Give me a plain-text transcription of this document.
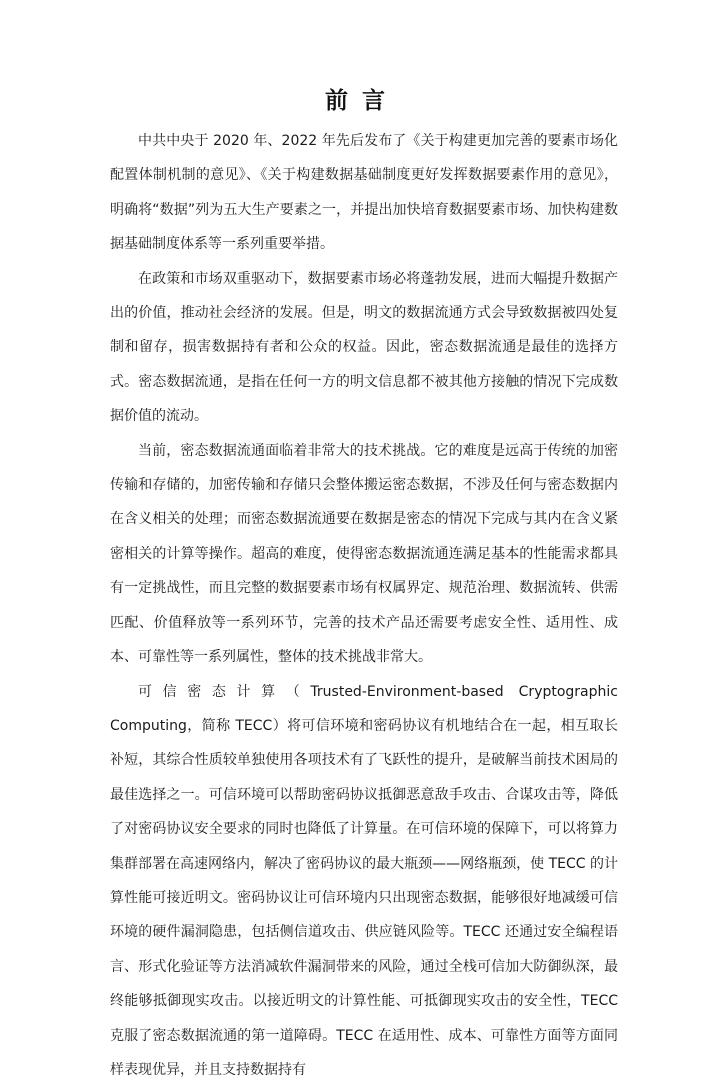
前言

中共中央于 2020 年、2022 年先后发布了《关于构建更加完善的要素市场化配置体制机制的意见》、《关于构建数据基础制度更好发挥数据要素作用的意见》，明确将“数据”列为五大生产要素之一，并提出加快培育数据要素市场、加快构建数据基础制度体系等一系列重要举措。

在政策和市场双重驱动下，数据要素市场必将蓬勃发展，进而大幅提升数据产出的价值，推动社会经济的发展。但是，明文的数据流通方式会导致数据被四处复制和留存，损害数据持有者和公众的权益。因此，密态数据流通是最佳的选择方式。密态数据流通，是指在任何一方的明文信息都不被其他方接触的情况下完成数据价值的流动。

当前，密态数据流通面临着非常大的技术挑战。它的难度是远高于传统的加密传输和存储的，加密传输和存储只会整体搬运密态数据，不涉及任何与密态数据内在含义相关的处理；而密态数据流通要在数据是密态的情况下完成与其内在含义紧密相关的计算等操作。超高的难度，使得密态数据流通连满足基本的性能需求都具有一定挑战性，而且完整的数据要素市场有权属界定、规范治理、数据流转、供需匹配、价值释放等一系列环节，完善的技术产品还需要考虑安全性、适用性、成本、可靠性等一系列属性，整体的技术挑战非常大。

可信密态计算（Trusted-Environment-based Cryptographic Computing，简称 TECC）将可信环境和密码协议有机地结合在一起，相互取长补短，其综合性质较单独使用各项技术有了飞跃性的提升，是破解当前技术困局的最佳选择之一。可信环境可以帮助密码协议抵御恶意敌手攻击、合谋攻击等，降低了对密码协议安全要求的同时也降低了计算量。在可信环境的保障下，可以将算力集群部署在高速网络内，解决了密码协议的最大瓶颈——网络瓶颈，使 TECC 的计算性能可接近明文。密码协议让可信环境内只出现密态数据，能够很好地减缓可信环境的硬件漏洞隐患，包括侧信道攻击、供应链风险等。TECC 还通过安全编程语言、形式化验证等方法消减软件漏洞带来的风险，通过全栈可信加大防御纵深，最终能够抵御现实攻击。以接近明文的计算性能、可抵御现实攻击的安全性，TECC 克服了密态数据流通的第一道障碍。TECC 在适用性、成本、可靠性方面等方面同样表现优异，并且支持数据持有
